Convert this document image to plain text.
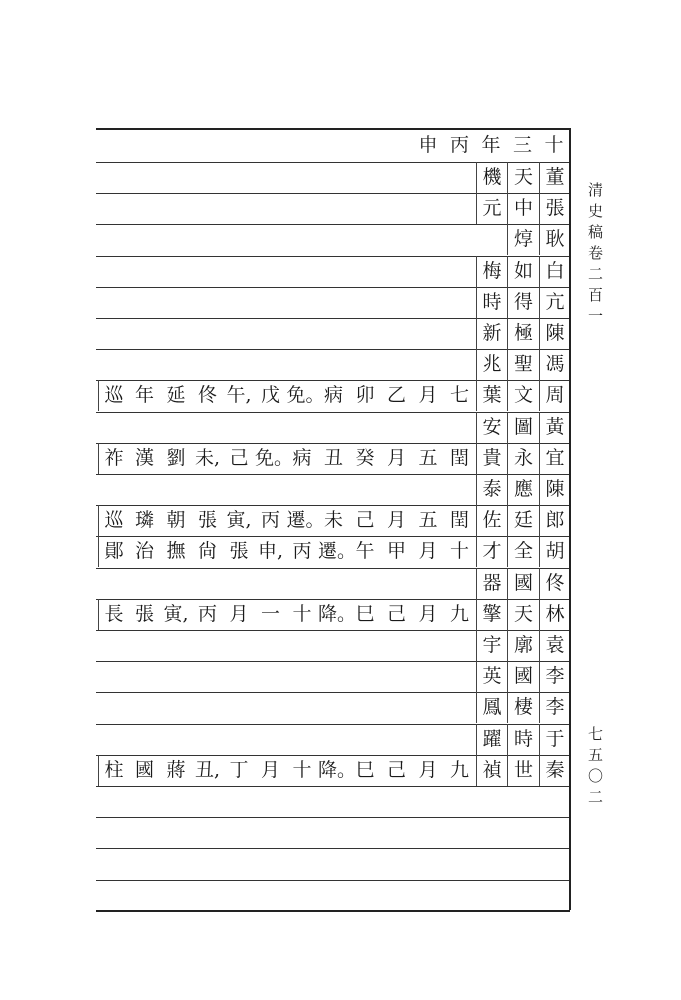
十
三
年
丙
申
董
天
機
張
中
元
耿
焞
白
如
梅
亢
得
時
陳
極
新
馮
聖
兆
周
文
葉
七
月
乙
卯
病
免。
戊
午,
佟
延
年
巡
黃
圖
安
宜
永
貴
閏
五
月
癸
丑
病
免。
己
未,
劉
漢
祚
陳
應
泰
郎
廷
佐
閏
五
月
己
未
遷。
丙
寅,
張
朝
璘
巡
胡
全
才
十
月
甲
午
遷。
丙
申,
張
尙
撫
治
鄖
佟
國
器
林
天
擎
九
月
己
巳
降。
十
一
月
丙
寅,
張
長
袁
廓
宇
李
國
英
李
棲
鳳
于
時
躍
秦
世
禎
九
月
己
巳
降。
十
月
丁
丑,
蔣
國
柱
清史稿卷二百一
七五〇二
